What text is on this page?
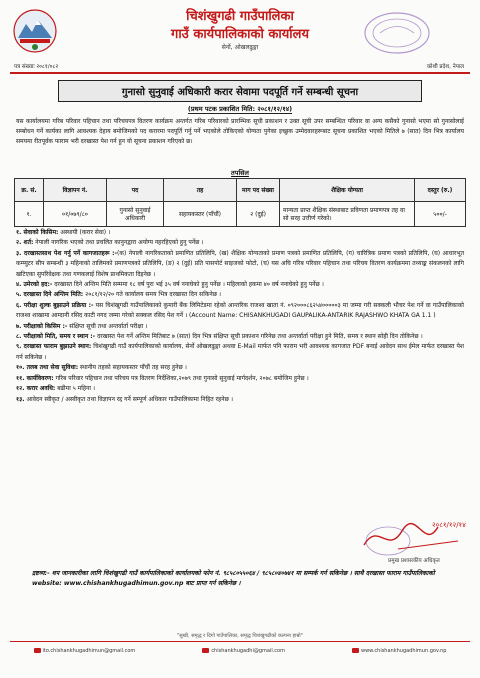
चिशंखुगढी गाउँपालिका
गाउँ कार्यपालिकाको कार्यालय
सेर्नो, ओखलढुङ्गा
पत्र संख्याः २०८१/०८२	कोशी प्रदेश, नेपाल
गुनासो सुनुवाई अधिकारी करार सेवामा पदपूर्ति गर्ने सम्बन्धी सूचना
(प्रथम पटक प्रकाशित मिति: २०८१/१२/१४)
यस कार्यालयमा गरिब परिवार पहिचान तथा परिचयपत्र वितरण कार्यक्रम अन्तर्गत गरिब परिवारको प्रारम्भिक सूची प्रकाशन र उक्त सूची उपर सम्बन्धित परिवार वा अन्य कसैको गुनासो भएमा सो गुनासोलाई सम्बोधन गर्ने कार्यका लागि आवश्यक देहाय बमोजिमको पद करारमा पदपूर्ति गर्नु पर्ने भएकोले तोकिएको योग्यता पुगेका इच्छुक उम्मेदवारहरूबाट सूचना प्रकाशित भएको मितिले ७ (सात) दिन भित्र कार्यालय समयमा रीतपूर्वक फाराम भरी दरखास्त पेश गर्न हुन यो सूचना प्रकाशन गरिएको छ।
तपसिल
क्र. सं.	विज्ञापन नं.	पद	तह	माग पद संख्या	शैक्षिक योग्यता	दस्तुर (रु.)
१.	०१/०७९/८०	गुनासो सुनुवाई अधिकारी	सहायकस्तर (पाँचौं)	२ (दुई)	मान्यता प्राप्त शैक्षिक संस्थाबाट प्रविणता प्रमाणपत्र तह वा सो सरह उत्तीर्ण गरेको।	५००/-

१. सेवाको किसिम: अस्थायी (करार सेवा) ।

२. शर्त: नेपाली नागरिक भएको तथा प्रचलित कानुनद्वारा अयोग्य नहरहिएको हुनु पर्नेछ ।

३. दरखास्तसाथ पेश गर्नु पर्ने कागजातहरू :-(क) नेपाली नागरिकताको प्रमाणित प्रतिलिपि, (ख) शैक्षिक योग्यताको प्रमाण पत्रको प्रमाणित प्रतिलिपि, (ग) चारित्रिक प्रमाण पत्रको प्रतिलिपि, (घ) आधारभूत कम्प्युटर सीप सम्बन्धी ३ महिनाको तालिमको प्रमाणपत्रको प्रतिलिपि, (ङ) २ (दुई) प्रति पासपोर्ट साइजको फोटो, (च) यस अघि गरिब परिवार पहिचान तथा परिचय वितरण कार्यक्रममा तथ्याङ्क संकलनको लागि खटिएका सुपरिवेक्षक तथा गणकलाई विशेष प्राथमिकता दिइनेछ ।

४. उमेरको हद:- दरखास्त दिने अन्तिम मिति सम्ममा १८ वर्ष पुरा भई ३५ वर्ष ननाघेको हुनु पर्नेछ । महिलाको हकमा ४० वर्ष ननाघेको हुनु पर्नेछ ।

५. दरखास्त दिने अन्तिम मिति: २०८१/१२/२० गते कार्यालय समय भित्र दरखास्त दिन सकिनेछ ।

६. परीक्षा शुल्क बुझाउने प्रक्रिया :- यस चिशंखुगढी गाउँपालिकाको कुमारी बैंक लिमिटेडमा रहेको आन्तरिक राजश्व खाता नं. ०९२०००८६२५४०००००३ मा जम्मा गरी सक्कली भौचर पेश गर्ने वा गाउँपालिकाको राजश्व शाखामा आम्दानी रसिद काटी नगद जम्मा गरेको सक्कल रसिद पेश गर्ने । (Account Name: CHISANKHUGADI GAUPALIKA-ANTARIK RAJASHWO KHATA GA 1.1 )

७. परीक्षाको किसिम :- संक्षिप्त सूची तथा अन्तर्वार्ता परीक्षा ।

८. परीक्षाको मिति, समय र स्थान :- दरखास्त पेश गर्ने अन्तिम मितिबाट ७ (सात) दिन भित्र संक्षिप्त सूची प्रकाशन गरिनेछ तथा अन्तर्वार्ता परीक्षा हुने मिति, समय र स्थान सोही दिन तोकिनेछ ।

९. दरखास्त फाराम बुझाउने स्थान: चिशंखुगढी गाउँ कार्यपालिकाको कार्यालय, सेर्नो ओखलढुङ्गा अथवा E-Mail मार्फत पनि फाराम भरी आवश्यक कागजात PDF बनाई आवेदन साथ ईमेल मार्फत दरखास्त पेश गर्न सकिनेछ ।

१०. तलब तथा सेवा सुविधा: स्थानीय तहको सहायकस्तर पाँचौं तह सरह हुनेछ ।

११. कार्यविवरण: गरिब परिवार पहिचान तथा परिचय पत्र वितरण निर्देशिका,२०७९ तथा गुनासो सुनुवाई मार्गदर्शन, २०७८ बमोजिम हुनेछ ।

१२. करार अवधि: बढीमा ५ महिना ।

१३. आवेदन स्वीकृत / अस्वीकृत तथा विज्ञापन रद्द गर्ने सम्पूर्ण अधिकार गाउँपालिकामा निहित रहनेछ ।

२०८१/१२/१४
प्रमुख प्रशासकीय अधिकृत
द्रष्टव्य:- थप जानकारीका लागि चिशंखुगढी गाउँ कार्यपालिकाको कार्यालयको फोन नं. ९८५८०५५०६४ / ९८५८०४०७४१ मा सम्पर्क गर्न सकिनेछ । साथै दरखास्त फाराम गाउँपालिकाको website: www.chishankhugadhimun.gov.np बाट प्राप्त गर्न सकिनेछ ।
"सुखी, समृद्ध र दिगो गाउँपालिका, समृद्ध चिशंखुगढीको कल्पना हाम्रो"
ito.chishankhugadhimun@gmail.com	chishankhugadhi@gmail.com	www.chishankhugadhimun.gov.np
